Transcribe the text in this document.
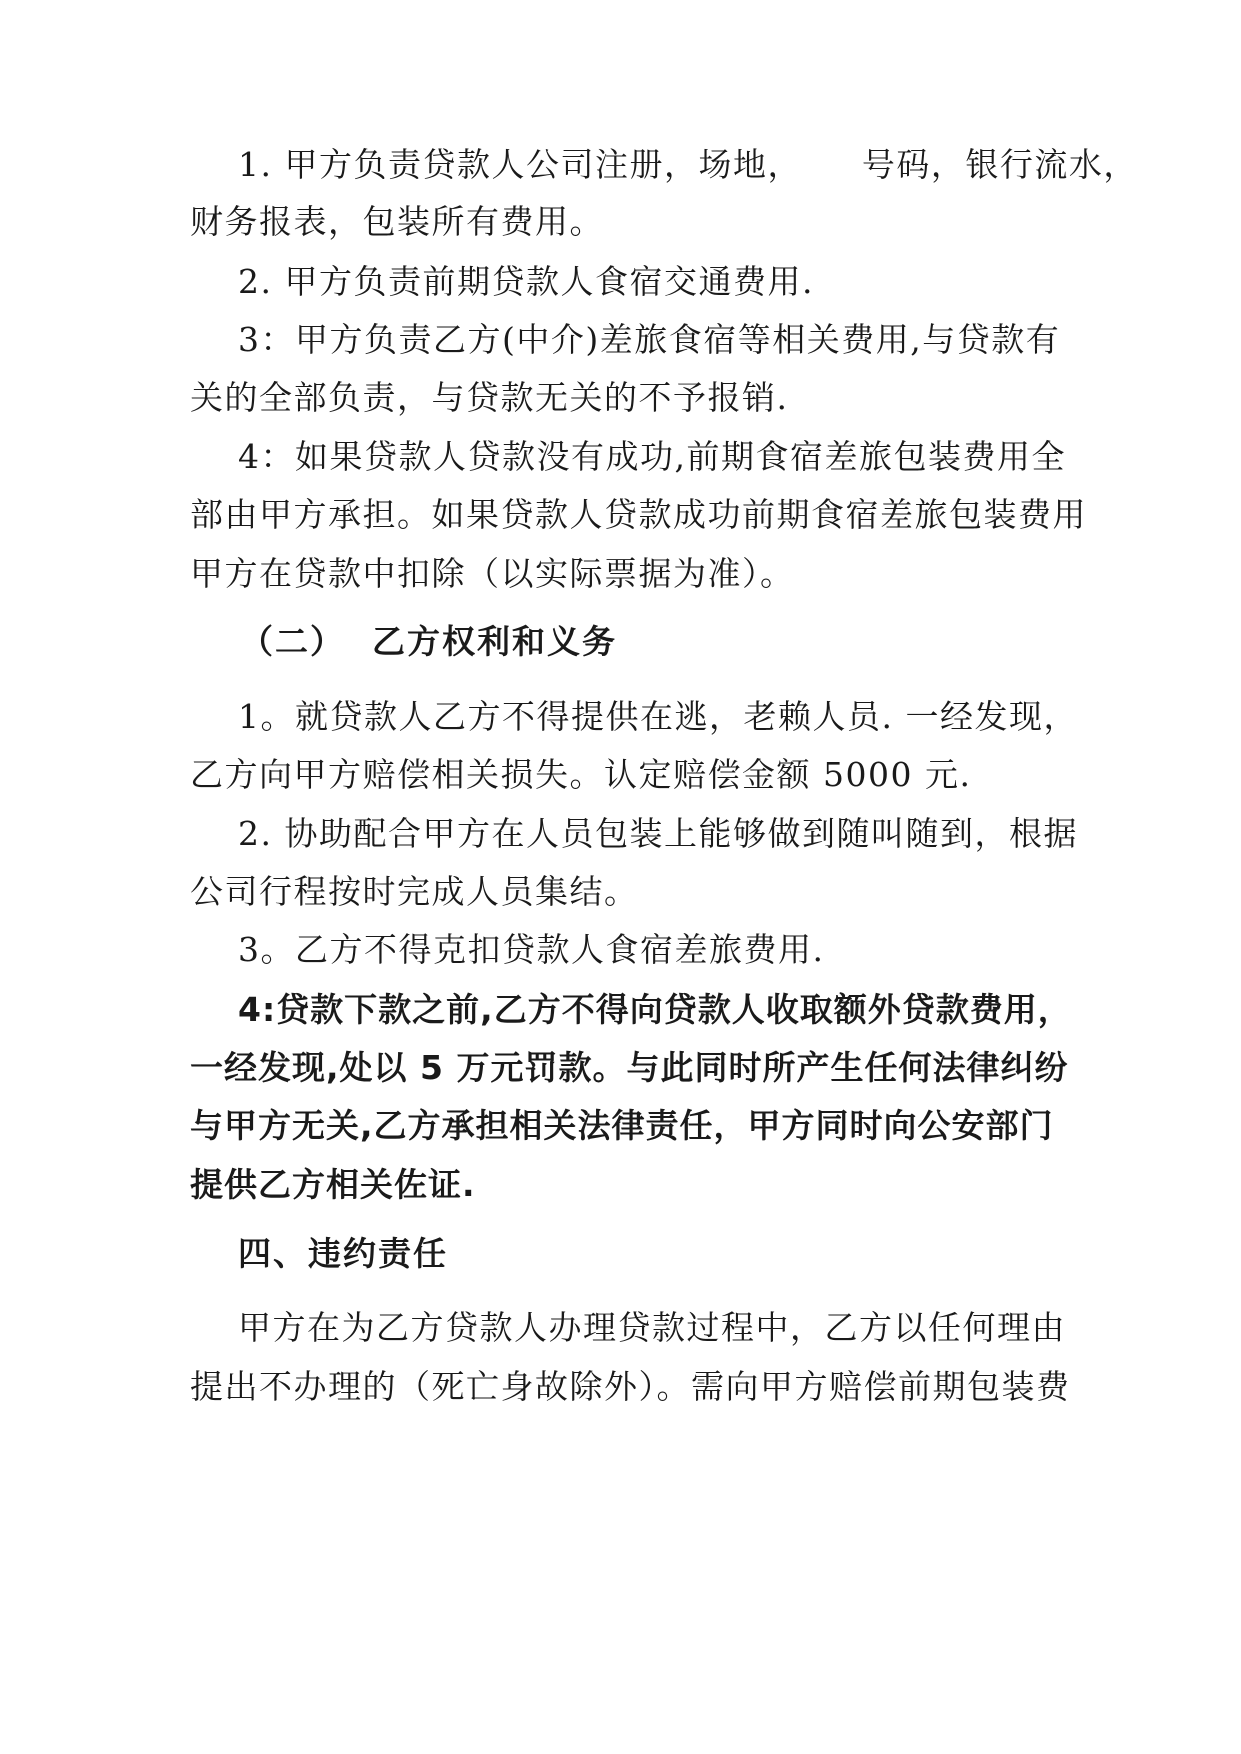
1. 甲方负责贷款人公司注册，场地，     号码，银行流水，
财务报表，包装所有费用。
2. 甲方负责前期贷款人食宿交通费用.
3：甲方负责乙方(中介)差旅食宿等相关费用,与贷款有
关的全部负责，与贷款无关的不予报销.
4：如果贷款人贷款没有成功,前期食宿差旅包装费用全
部由甲方承担。如果贷款人贷款成功前期食宿差旅包装费用
甲方在贷款中扣除（以实际票据为准）。
（二）  乙方权利和义务
1。就贷款人乙方不得提供在逃，老赖人员. 一经发现，
乙方向甲方赔偿相关损失。认定赔偿金额 5000 元.
2. 协助配合甲方在人员包装上能够做到随叫随到，根据
公司行程按时完成人员集结。
3。乙方不得克扣贷款人食宿差旅费用.
4:贷款下款之前,乙方不得向贷款人收取额外贷款费用，
一经发现,处以 5 万元罚款。与此同时所产生任何法律纠纷
与甲方无关,乙方承担相关法律责任，甲方同时向公安部门
提供乙方相关佐证.
四、违约责任
甲方在为乙方贷款人办理贷款过程中，乙方以任何理由
提出不办理的（死亡身故除外）。需向甲方赔偿前期包装费
